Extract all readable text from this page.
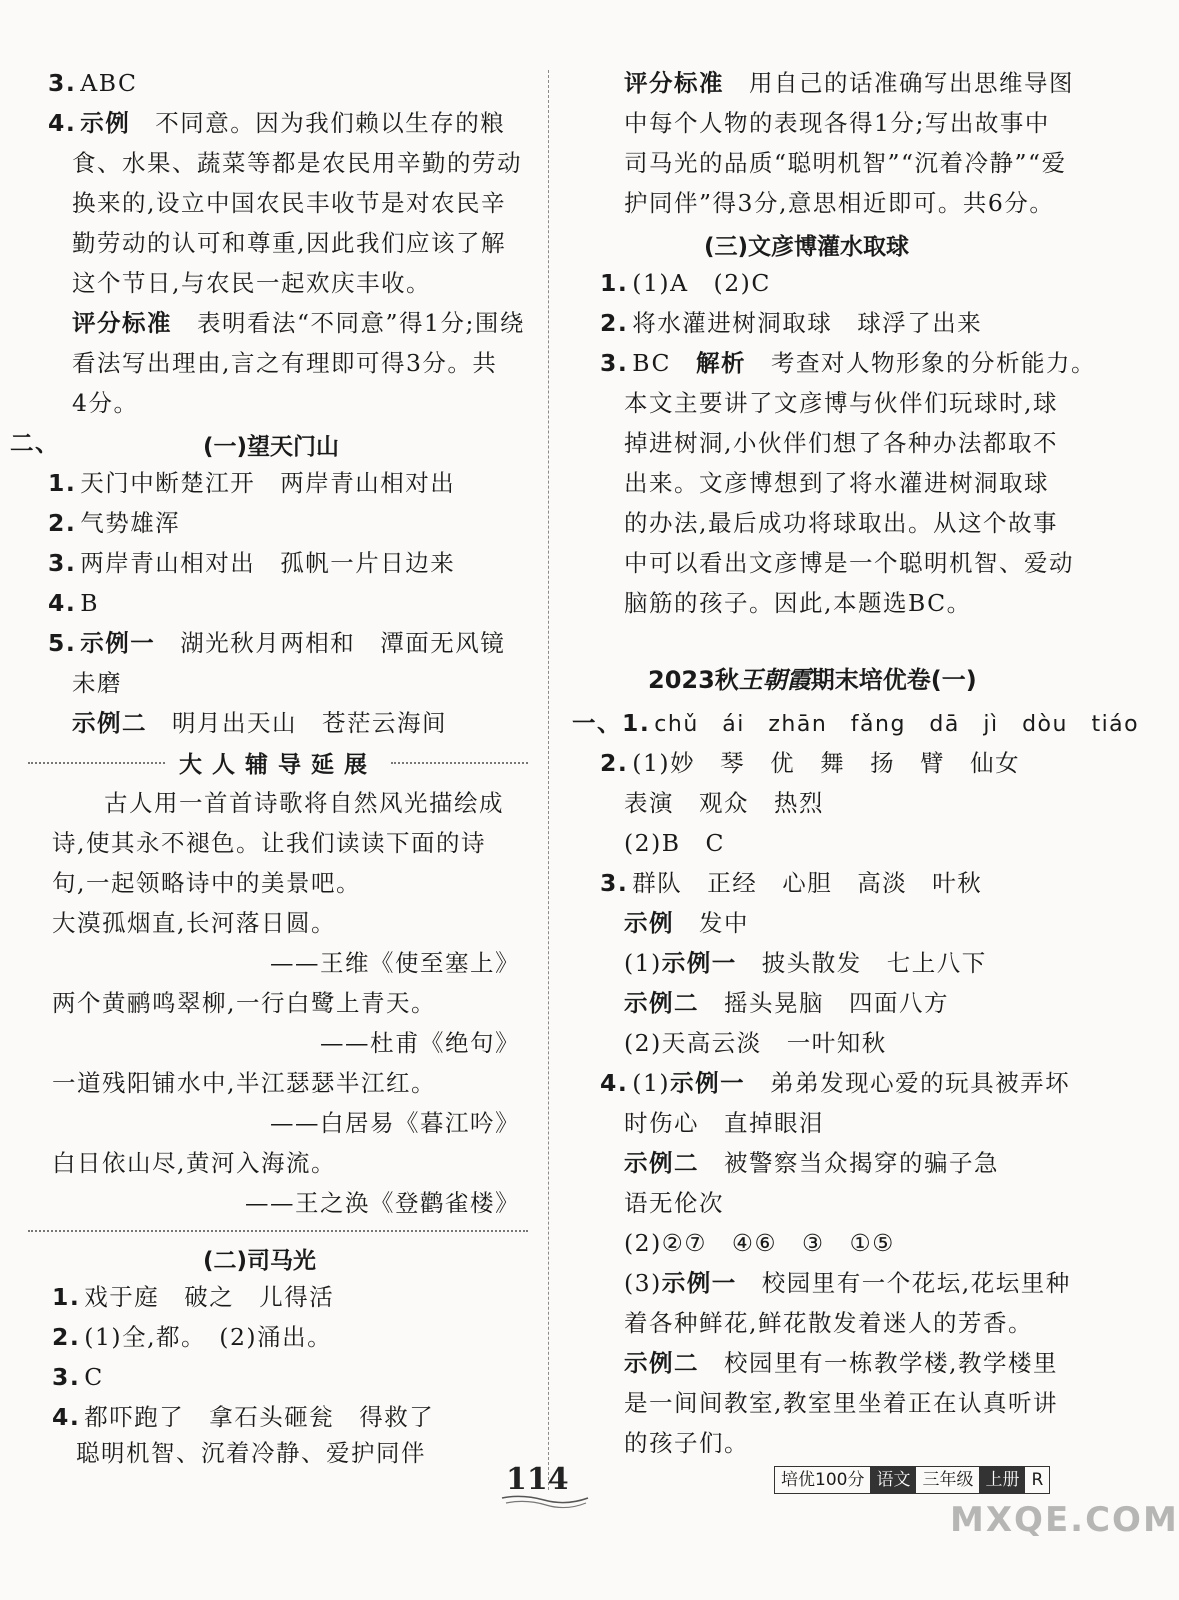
3. ABC
4. 示例　 不同意。因为我们赖以生存的粮
食、水果、蔬菜等都是农民用辛勤的劳动
换来的,设立中国农民丰收节是对农民辛
勤劳动的认可和尊重,因此我们应该了解
这个节日,与农民一起欢庆丰收。
评分标准　 表明看法“不同意”得1分;围绕
看法写出理由,言之有理即可得3分。共
4分。
二、	(一)望天门山
1. 天门中断楚江开　两岸青山相对出
2. 气势雄浑
3. 两岸青山相对出　孤帆一片日边来
4. B
5. 示例一　 湖光秋月两相和　潭面无风镜
未磨
示例二　 明月出天山　苍茫云海间
大人辅导延展
古人用一首首诗歌将自然风光描绘成
诗,使其永不褪色。让我们读读下面的诗
句,一起领略诗中的美景吧。
大漠孤烟直,长河落日圆。
——王维《使至塞上》
两个黄鹂鸣翠柳,一行白鹭上青天。
——杜甫《绝句》
一道残阳铺水中,半江瑟瑟半江红。
——白居易《暮江吟》
白日依山尽,黄河入海流。
——王之涣《登鹳雀楼》
(二)司马光
1. 戏于庭　破之　儿得活
2. (1)全,都。　(2)涌出。
3. C
4. 都吓跑了　拿石头砸瓮　得救了
聪明机智、沉着冷静、爱护同伴
评分标准　 用自己的话准确写出思维导图
中每个人物的表现各得1分;写出故事中
司马光的品质“聪明机智”“沉着冷静”“爱
护同伴”得3分,意思相近即可。共6分。
(三)文彦博灌水取球
1. (1)A　(2)C
2. 将水灌进树洞取球　球浮了出来
3. BC　 解析　 考查对人物形象的分析能力。
本文主要讲了文彦博与伙伴们玩球时,球
掉进树洞,小伙伴们想了各种办法都取不
出来。文彦博想到了将水灌进树洞取球
的办法,最后成功将球取出。从这个故事
中可以看出文彦博是一个聪明机智、爱动
脑筋的孩子。因此,本题选BC。
2023秋王朝霞期末培优卷(一)
一、1. chǔ　ái　zhān　fǎng　dā　jì　dòu　tiáo
2. (1)妙　琴　优　舞　扬　臂　仙女
表演　观众　热烈
(2)B　C
3. 群队　正经　心胆　高淡　叶秋
示例　 发中
(1)示例一　 披头散发　七上八下
示例二　 摇头晃脑　四面八方
(2)天高云淡　一叶知秋
4. (1)示例一　 弟弟发现心爱的玩具被弄坏
时伤心　直掉眼泪
示例二　 被警察当众揭穿的骗子急
语无伦次
(2)②⑦　④⑥　③　①⑤
(3)示例一　 校园里有一个花坛,花坛里种
着各种鲜花,鲜花散发着迷人的芳香。
示例二　 校园里有一栋教学楼,教学楼里
是一间间教室,教室里坐着正在认真听讲
的孩子们。
114	培优100分 语文 三年级 上册 R
MXQE.COM
